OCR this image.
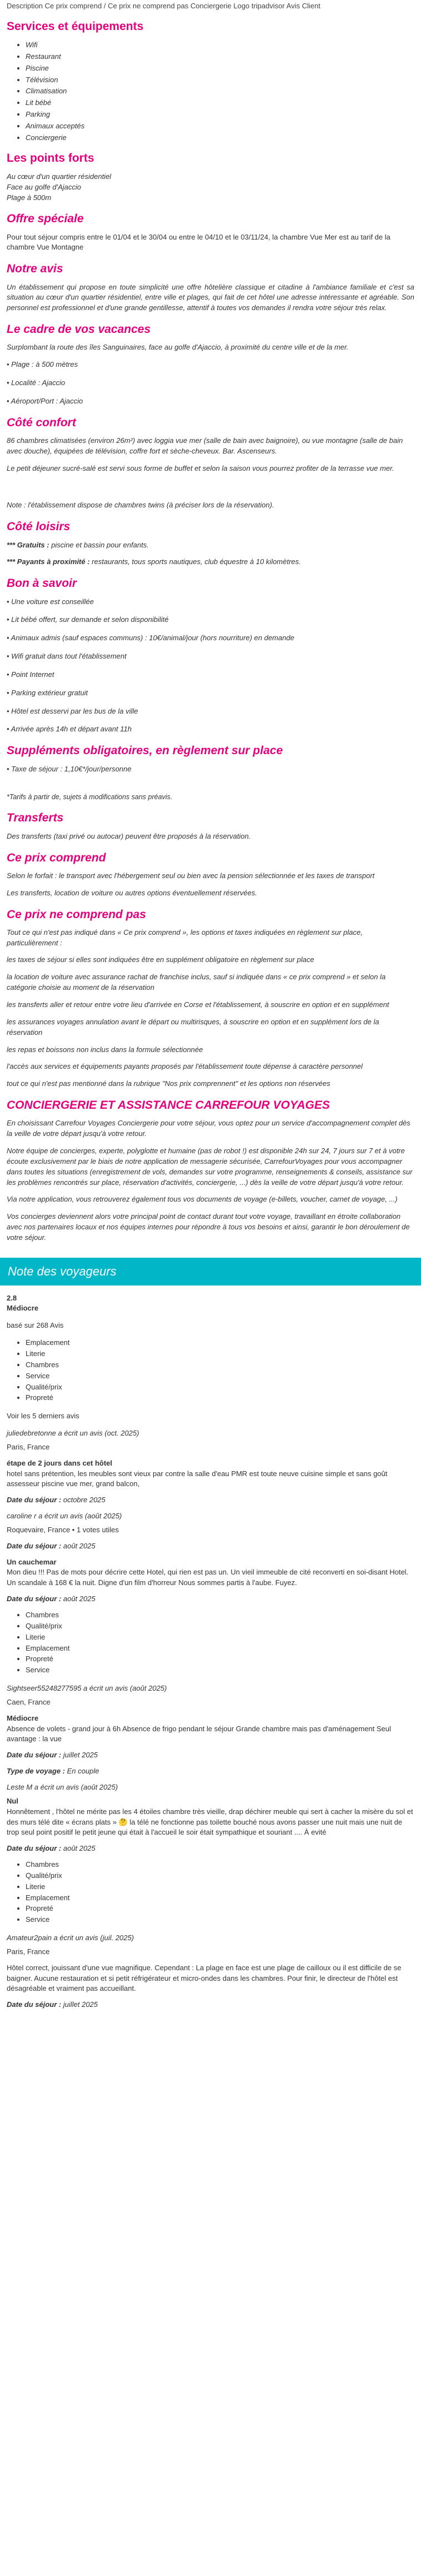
Description Ce prix comprend / Ce prix ne comprend pas Conciergerie Logo tripadvisor Avis Client
Services et équipements
• Wifi
• Restaurant
• Piscine
• Télévision
• Climatisation
• Lit bébé
• Parking
• Animaux acceptés
• Conciergerie
Les points forts
Au cœur d'un quartier résidentiel
Face au golfe d'Ajaccio
Plage à 500m
Offre spéciale

Pour tout séjour compris entre le 01/04 et le 30/04 ou entre le 04/10 et le 03/11/24, la chambre Vue Mer est au tarif de la chambre Vue Montagne

Notre avis

Un établissement qui propose en toute simplicité une offre hôtelière classique et citadine à l'ambiance familiale et c'est sa situation au cœur d'un quartier résidentiel, entre ville et plages, qui fait de cet hôtel une adresse intéressante et agréable. Son personnel est professionnel et d'une grande gentillesse, attentif à toutes vos demandes il rendra votre séjour très relax.

Le cadre de vos vacances

Surplombant la route des îles Sanguinaires, face au golfe d'Ajaccio, à proximité du centre ville et de la mer.

• Plage : à 500 mètres
• Localité : Ajaccio
• Aéroport/Port : Ajaccio
Côté confort

86 chambres climatisées (environ 26m²) avec loggia vue mer (salle de bain avec baignoire), ou vue montagne (salle de bain avec douche), équipées de télévision, coffre fort et sèche-cheveux. Bar. Ascenseurs.

Le petit déjeuner sucré-salé est servi sous forme de buffet et selon la saison vous pourrez profiter de la terrasse vue mer.

Note : l'établissement dispose de chambres twins (à préciser lors de la réservation).

Côté loisirs

*** Gratuits : piscine et bassin pour enfants.

*** Payants à proximité : restaurants, tous sports nautiques, club équestre à 10 kilomètres.

Bon à savoir
• Une voiture est conseillée
• Lit bébé offert, sur demande et selon disponibilité
• Animaux admis (sauf espaces communs) : 10€/animal/jour (hors nourriture) en demande
• Wifi gratuit dans tout l'établissement
• Point Internet
• Parking extérieur gratuit
• Hôtel est desservi par les bus de la ville
• Arrivée après 14h et départ avant 11h
Suppléments obligatoires, en règlement sur place
• Taxe de séjour : 1,10€*/jour/personne

*Tarifs à partir de, sujets à modifications sans préavis.

Transferts

Des transferts (taxi privé ou autocar) peuvent être proposés à la réservation.

Ce prix comprend

Selon le forfait : le transport avec l'hébergement seul ou bien avec la pension sélectionnée et les taxes de transport

Les transferts, location de voiture ou autres options éventuellement réservées.

Ce prix ne comprend pas

Tout ce qui n'est pas indiqué dans « Ce prix comprend », les options et taxes indiquées en règlement sur place, particulièrement :

les taxes de séjour si elles sont indiquées être en supplément obligatoire en règlement sur place

la location de voiture avec assurance rachat de franchise inclus, sauf si indiquée dans « ce prix comprend » et selon la catégorie choisie au moment de la réservation

les transferts aller et retour entre votre lieu d'arrivée en Corse et l'établissement, à souscrire en option et en supplément

les assurances voyages annulation avant le départ ou multirisques, à souscrire en option et en supplément lors de la réservation

les repas et boissons non inclus dans la formule sélectionnée

l'accès aux services et équipements payants proposés par l'établissement toute dépense à caractère personnel

tout ce qui n'est pas mentionné dans la rubrique "Nos prix comprennent" et les options non réservées

CONCIERGERIE ET ASSISTANCE CARREFOUR VOYAGES

En choisissant Carrefour Voyages Conciergerie pour votre séjour, vous optez pour un service d'accompagnement complet dès la veille de votre départ jusqu'à votre retour.

Notre équipe de concierges, experte, polyglotte et humaine (pas de robot !) est disponible 24h sur 24, 7 jours sur 7 et à votre écoute exclusivement par le biais de notre application de messagerie sécurisée, CarrefourVoyages pour vous accompagner dans toutes les situations (enregistrement de vols, demandes sur votre programme, renseignements & conseils, assistance sur les problèmes rencontrés sur place, réservation d'activités, conciergerie, ...) dès la veille de votre départ jusqu'à votre retour.

Via notre application, vous retrouverez également tous vos documents de voyage (e-billets, voucher, carnet de voyage, ...)

Vos concierges deviennent alors votre principal point de contact durant tout votre voyage, travaillant en étroite collaboration avec nos partenaires locaux et nos équipes internes pour répondre à tous vos besoins et ainsi, garantir le bon déroulement de votre séjour.

Note des voyageurs

2.8

Médiocre

basé sur 268 Avis

• Emplacement
• Literie
• Chambres
• Service
• Qualité/prix
• Propreté

Voir les 5 derniers avis

juliedebretonne a écrit un avis (oct. 2025)

Paris, France

étape de 2 jours dans cet hôtel

hotel sans prétention, les meubles sont vieux par contre la salle d'eau PMR est toute neuve cuisine simple et sans goût assesseur piscine vue mer, grand balcon,

Date du séjour : octobre 2025

caroline r a écrit un avis (août 2025)

Roquevaire, France • 1 votes utiles

Date du séjour : août 2025

Un cauchemar

Mon dieu !!! Pas de mots pour décrire cette Hotel, qui rien est pas un. Un vieil immeuble de cité reconverti en soi-disant Hotel. Un scandale à 168 € la nuit. Digne d'un film d'horreur Nous sommes partis à l'aube. Fuyez.

Date du séjour : août 2025

• Chambres
• Qualité/prix
• Literie
• Emplacement
• Propreté
• Service

Sightseer55248277595 a écrit un avis (août 2025)

Caen, France

Médiocre

Absence de volets - grand jour à 6h Absence de frigo pendant le séjour Grande chambre mais pas d'aménagement Seul avantage : la vue

Date du séjour : juillet 2025

Type de voyage : En couple

Leste M a écrit un avis (août 2025)

Nul

Honnêtement , l'hôtel ne mérite pas les 4 étoiles chambre très vieille, drap déchirer meuble qui sert à cacher la misère du sol et des murs télé dite « écrans plats » 🤔 la télé ne fonctionne pas toilette bouché nous avons passer une nuit mais une nuit de trop seul point positif le petit jeune qui était à l'accueil le soir était sympathique et souriant .... À evité

Date du séjour : août 2025

• Chambres
• Qualité/prix
• Literie
• Emplacement
• Propreté
• Service

Amateur2pain a écrit un avis (juil. 2025)

Paris, France

Hôtel correct, jouissant d'une vue magnifique. Cependant : La plage en face est une plage de cailloux ou il est difficile de se baigner. Aucune restauration et si petit réfrigérateur et micro-ondes dans les chambres. Pour finir, le directeur de l'hôtel est désagréable et vraiment pas accueillant.

Date du séjour : juillet 2025
